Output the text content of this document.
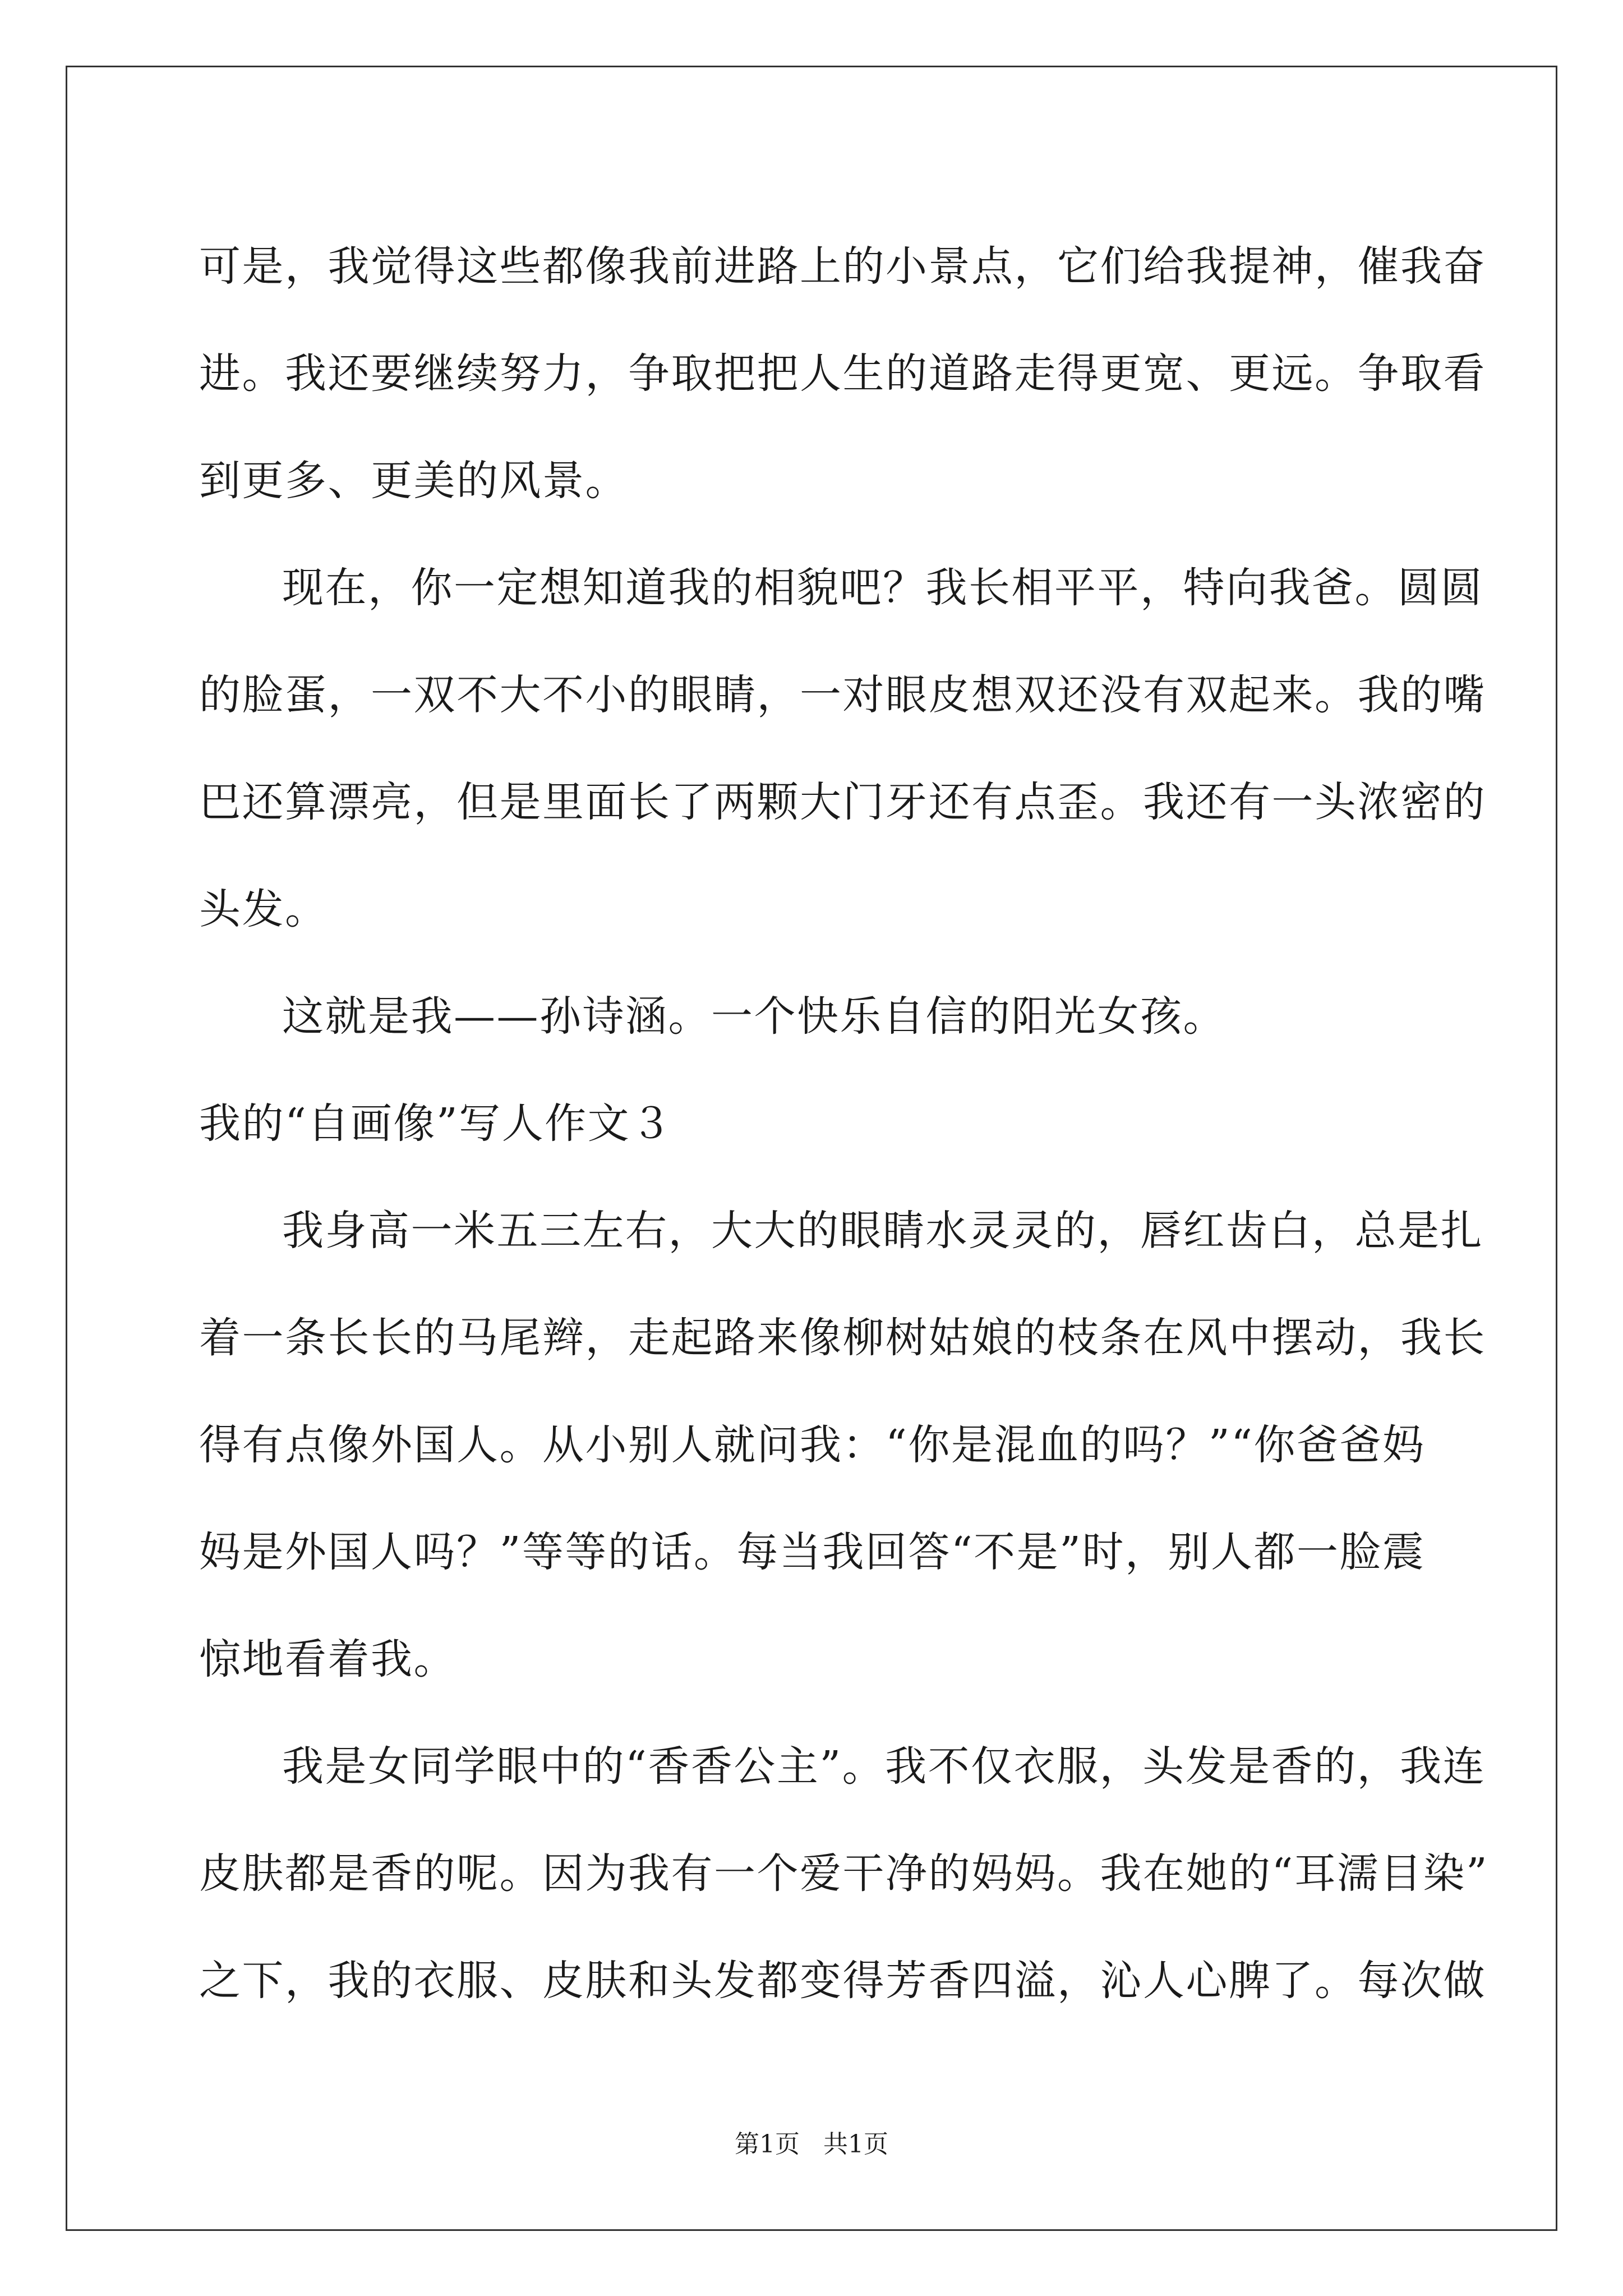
可是，我觉得这些都像我前进路上的小景点，它们给我提神，催我奋
进。我还要继续努力，争取把把人生的道路走得更宽、更远。争取看
到更多、更美的风景。
现在，你一定想知道我的相貌吧？我长相平平，特向我爸。圆圆
的脸蛋，一双不大不小的眼睛，一对眼皮想双还没有双起来。我的嘴
巴还算漂亮，但是里面长了两颗大门牙还有点歪。我还有一头浓密的
头发。
这就是我——孙诗涵。一个快乐自信的阳光女孩。
我的“自画像”写人作文３
我身高一米五三左右，大大的眼睛水灵灵的，唇红齿白，总是扎
着一条长长的马尾辫，走起路来像柳树姑娘的枝条在风中摆动，我长
得有点像外国人。从小别人就问我：“你是混血的吗？”“你爸爸妈
妈是外国人吗？”等等的话。每当我回答“不是”时，别人都一脸震
惊地看着我。
我是女同学眼中的“香香公主”。我不仅衣服，头发是香的，我连
皮肤都是香的呢。因为我有一个爱干净的妈妈。我在她的“耳濡目染”
之下，我的衣服、皮肤和头发都变得芳香四溢，沁人心脾了。每次做
第1页   共1页
